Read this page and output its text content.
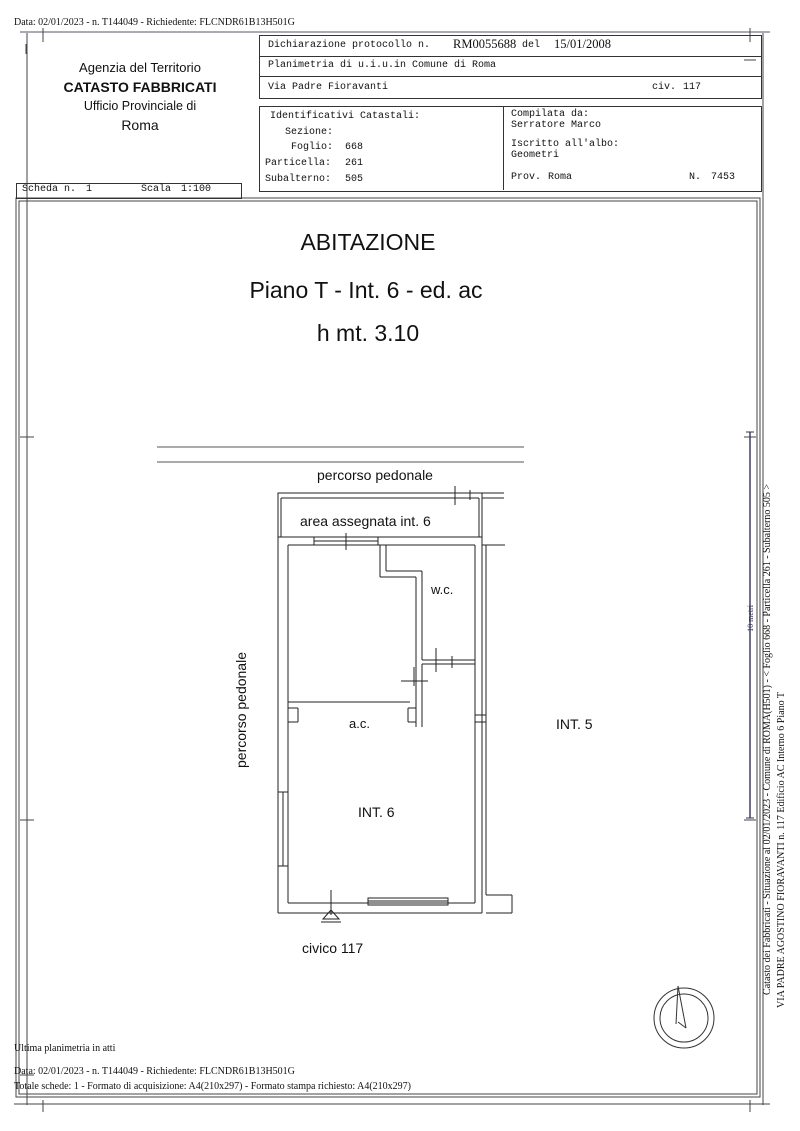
Data: 02/01/2023 - n. T144049 - Richiedente: FLCNDR61B13H501G
Agenzia del Territorio
CATASTO FABBRICATI
Ufficio Provinciale di
Roma
Dichiarazione protocollo n. RM0055688 del 15/01/2008
Planimetria di u.i.u.in Comune di Roma
Via Padre Fioravanti	civ. 117
Identificativi Catastali:
Sezione:
Foglio: 668
Particella: 261
Subalterno: 505
Compilata da:
Serratore Marco
Iscritto all'albo:
Geometri
Prov. Roma	N. 7453
Scheda n. 1	Scala 1:100
ABITAZIONE
Piano T - Int. 6 - ed. ac
h mt. 3.10
percorso pedonale
area assegnata int. 6
w.c.
a.c.	INT. 5
INT. 6
percorso pedonale
civico 117	Catasto dei Fabbricati - Situazione al 02/01/2023 - Comune di ROMA(H501) - < Foglio 668 - Particella 261 - Subalterno 505 > VIA PADRE AGOSTINO FIORAVANTI n. 117 Edificio AC Interno 6 Piano T
10 metri
Ultima planimetria in atti
Data: 02/01/2023 - n. T144049 - Richiedente: FLCNDR61B13H501G
Totale schede: 1 - Formato di acquisizione: A4(210x297) - Formato stampa richiesto: A4(210x297)
